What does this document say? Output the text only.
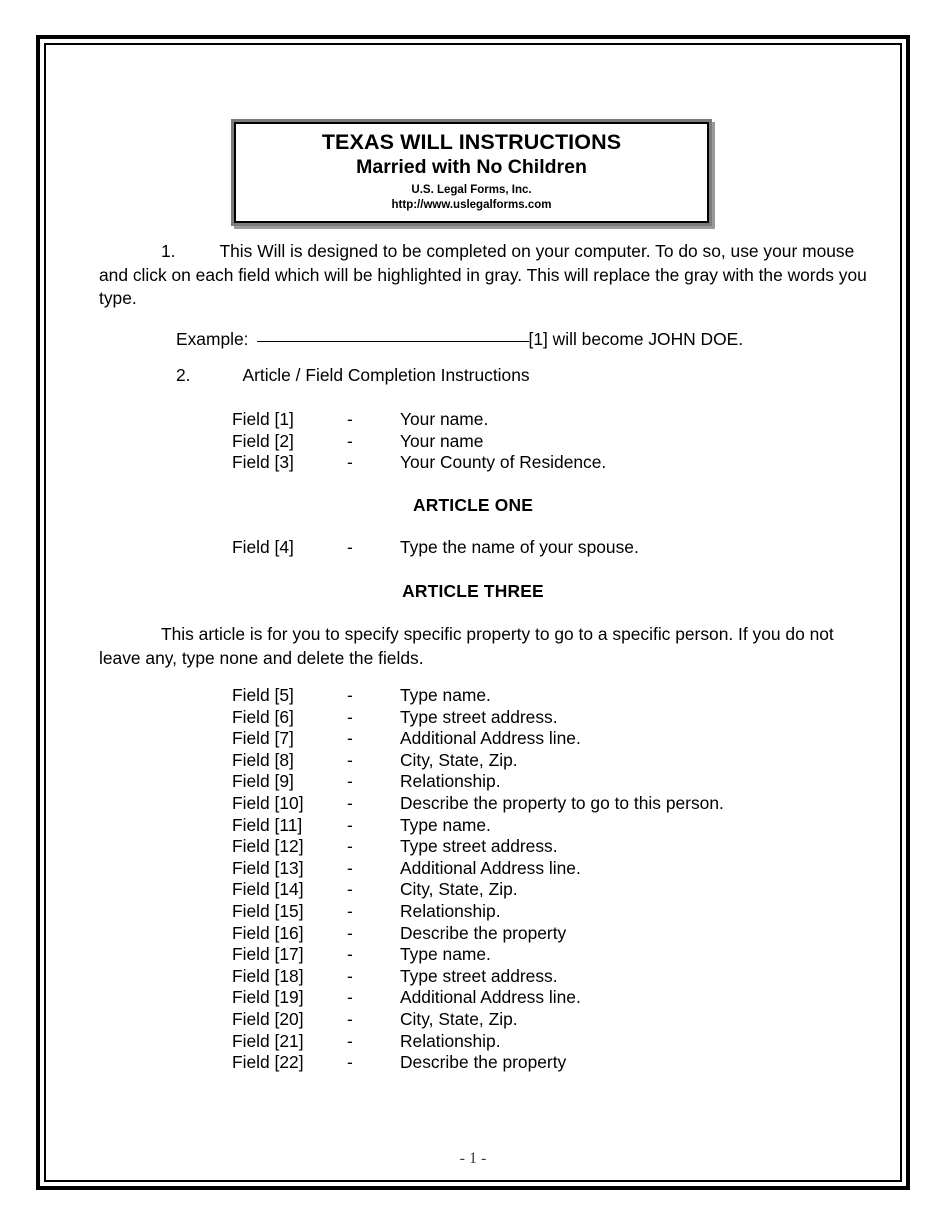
TEXAS WILL INSTRUCTIONS
Married with No Children
U.S. Legal Forms, Inc.
http://www.uslegalforms.com
1.	This Will is designed to be completed on your computer. To do so, use your mouse and click on each field which will be highlighted in gray. This will replace the gray with the words you type.
Example:	[1] will become JOHN DOE.
2.	Article / Field Completion Instructions
Field [1]	-	Your name.
Field [2]	-	Your name
Field [3]	-	Your County of Residence.
ARTICLE ONE
Field [4]	-	Type the name of your spouse.
ARTICLE THREE
This article is for you to specify specific property to go to a specific person. If you do not leave any, type none and delete the fields.
Field [5]	-	Type name.
Field [6]	-	Type street address.
Field [7]	-	Additional Address line.
Field [8]	-	City, State, Zip.
Field [9]	-	Relationship.
Field [10]	-	Describe the property to go to this person.
Field [11]	-	Type name.
Field [12]	-	Type street address.
Field [13]	-	Additional Address line.
Field [14]	-	City, State, Zip.
Field [15]	-	Relationship.
Field [16]	-	Describe the property
Field [17]	-	Type name.
Field [18]	-	Type street address.
Field [19]	-	Additional Address line.
Field [20]	-	City, State, Zip.
Field [21]	-	Relationship.
Field [22]	-	Describe the property
- 1 -
